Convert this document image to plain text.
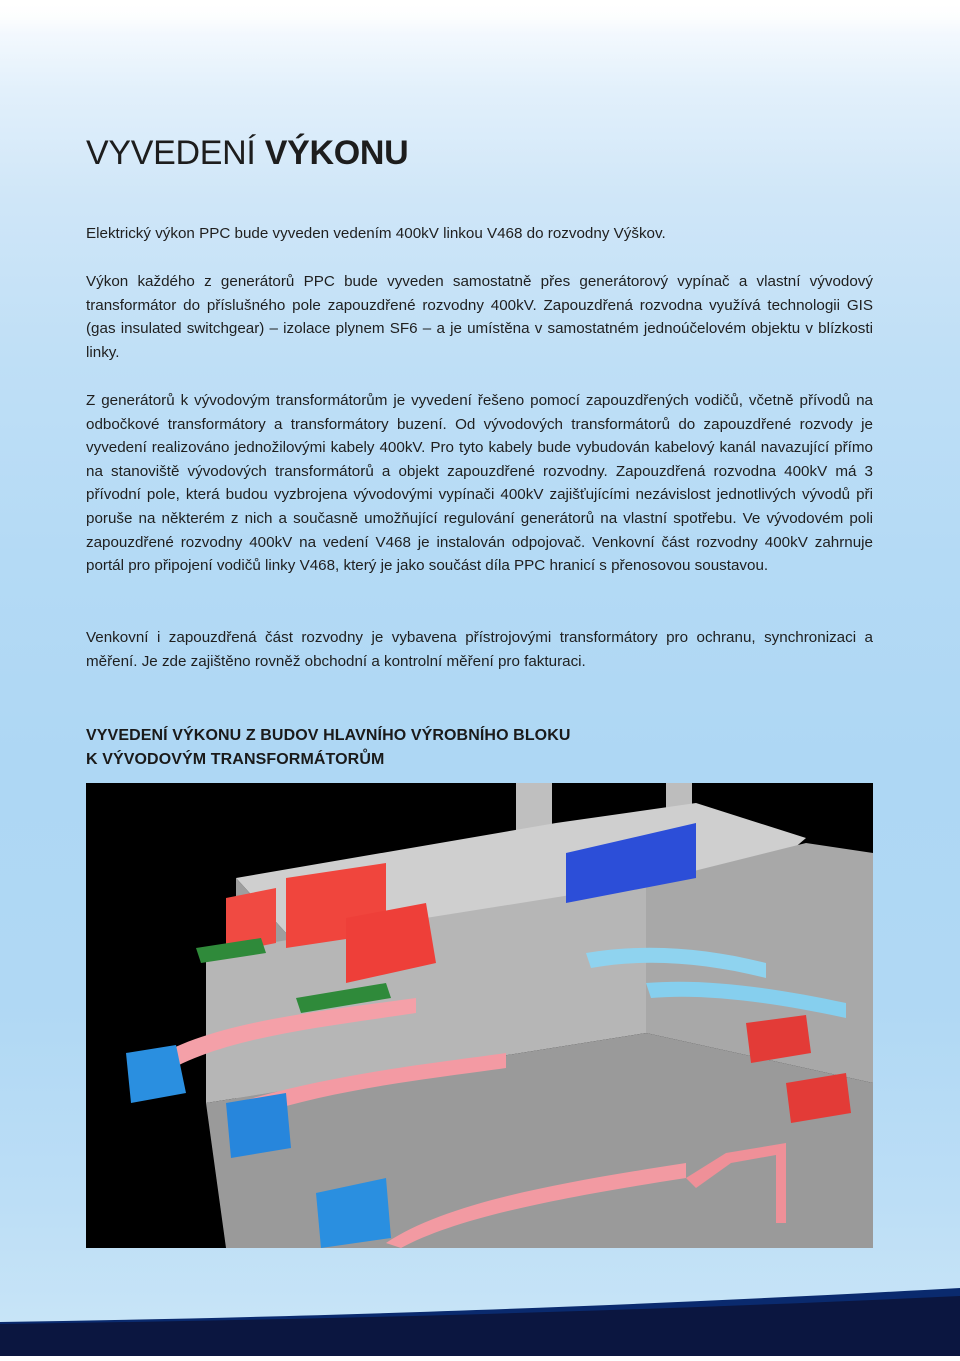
VYVEDENÍ VÝKONU

Elektrický výkon PPC bude vyveden vedením 400kV linkou V468 do rozvodny Výškov.

Výkon každého z generátorů PPC bude vyveden samostatně přes generátorový vypínač a vlastní vývodový transformátor do příslušného pole zapouzdřené rozvodny 400kV. Zapouzdřená rozvodna využívá technologii GIS (gas insulated switchgear) – izolace plynem SF6 – a je umístěna v samostatném jednoúčelovém objektu v blízkosti linky.

Z generátorů k vývodovým transformátorům je vyvedení řešeno pomocí zapouzdřených vodičů, včetně přívodů na odbočkové transformátory a transformátory buzení. Od vývodových transformátorů do zapouzdřené rozvody je vyvedení realizováno jednožilovými kabely 400kV. Pro tyto kabely bude vybudován kabelový kanál navazující přímo na stanoviště vývodových transformátorů a objekt zapouzdřené rozvodny. Zapouzdřená rozvodna 400kV má 3 přívodní pole, která budou vyzbrojena vývodovými vypínači 400kV zajišťujícími nezávislost jednotlivých vývodů při poruše na některém z nich a současně umožňující regulování generátorů na vlastní spotřebu. Ve vývodovém poli zapouzdřené rozvodny 400kV na vedení V468 je instalován odpojovač. Venkovní část rozvodny 400kV zahrnuje portál pro připojení vodičů linky V468, který je jako součást díla PPC hranicí s přenosovou soustavou.

Venkovní i zapouzdřená část rozvodny je vybavena přístrojovými transformátory pro ochranu, synchronizaci a měření. Je zde zajištěno rovněž obchodní a kontrolní měření pro fakturaci.

VYVEDENÍ VÝKONU Z BUDOV HLAVNÍHO VÝROBNÍHO BLOKU
K VÝVODOVÝM TRANSFORMÁTORŮM
